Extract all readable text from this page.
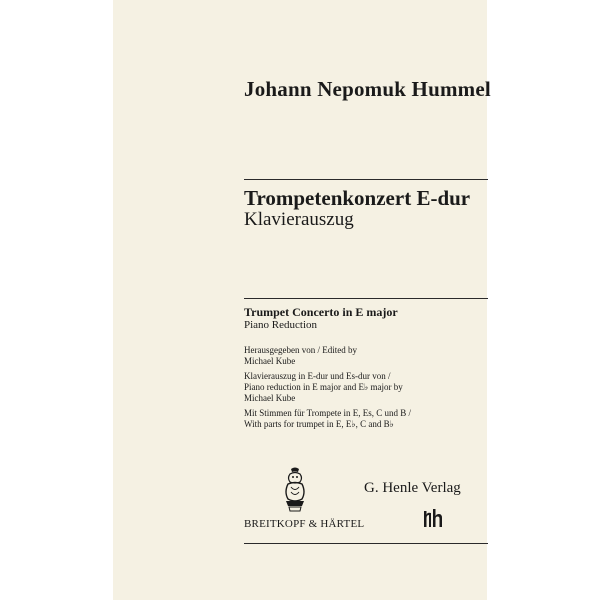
Johann Nepomuk Hummel
Trompetenkonzert E-dur
Klavierauszug
Trumpet Concerto in E major
Piano Reduction
Herausgegeben von / Edited by
Michael Kube
Klavierauszug in E-dur und Es-dur von /
Piano reduction in E major and E♭ major by
Michael Kube
Mit Stimmen für Trompete in E, Es, C und B /
With parts for trumpet in E, E♭, C and B♭
G. Henle Verlag
BREITKOPF & HÄRTEL
